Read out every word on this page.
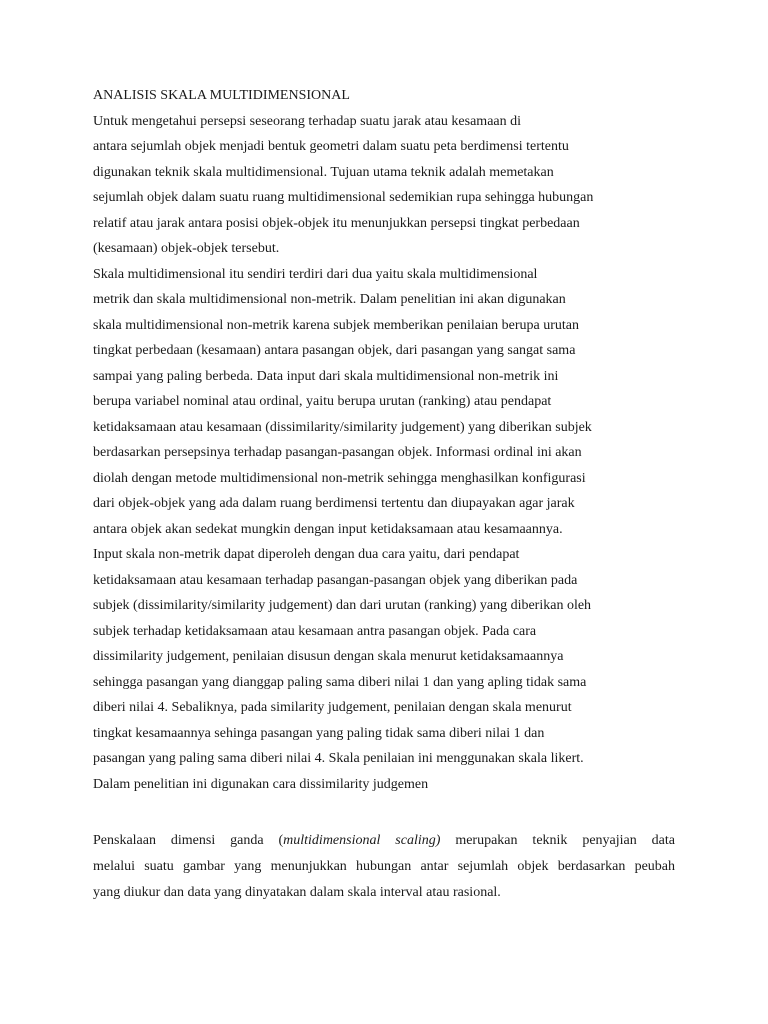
ANALISIS SKALA MULTIDIMENSIONAL
Untuk mengetahui persepsi seseorang terhadap suatu jarak atau kesamaan di
antara sejumlah objek menjadi bentuk geometri dalam suatu peta berdimensi tertentu
digunakan teknik skala multidimensional. Tujuan utama teknik adalah memetakan
sejumlah objek dalam suatu ruang multidimensional sedemikian rupa sehingga hubungan
relatif atau jarak antara posisi objek-objek itu menunjukkan persepsi tingkat perbedaan
(kesamaan) objek-objek tersebut.
Skala multidimensional itu sendiri terdiri dari dua yaitu skala multidimensional
metrik dan skala multidimensional non-metrik. Dalam penelitian ini akan digunakan
skala multidimensional non-metrik karena subjek memberikan penilaian berupa urutan
tingkat perbedaan (kesamaan) antara pasangan objek, dari pasangan yang sangat sama
sampai yang paling berbeda. Data input dari skala multidimensional non-metrik ini
berupa variabel nominal atau ordinal, yaitu berupa urutan (ranking) atau pendapat
ketidaksamaan atau kesamaan (dissimilarity/similarity judgement) yang diberikan subjek
berdasarkan persepsinya terhadap pasangan-pasangan objek. Informasi ordinal ini akan
diolah dengan metode multidimensional non-metrik sehingga menghasilkan konfigurasi
dari objek-objek yang ada dalam ruang berdimensi tertentu dan diupayakan agar jarak
antara objek akan sedekat mungkin dengan input ketidaksamaan atau kesamaannya.
Input skala non-metrik dapat diperoleh dengan dua cara yaitu, dari pendapat
ketidaksamaan atau kesamaan terhadap pasangan-pasangan objek yang diberikan pada
subjek (dissimilarity/similarity judgement) dan dari urutan (ranking) yang diberikan oleh
subjek terhadap ketidaksamaan atau kesamaan antra pasangan objek. Pada cara
dissimilarity judgement, penilaian disusun dengan skala menurut ketidaksamaannya
sehingga pasangan yang dianggap paling sama diberi nilai 1 dan yang apling tidak sama
diberi nilai 4. Sebaliknya, pada similarity judgement, penilaian dengan skala menurut
tingkat kesamaannya sehinga pasangan yang paling tidak sama diberi nilai 1 dan
pasangan yang paling sama diberi nilai 4. Skala penilaian ini menggunakan skala likert.
Dalam penelitian ini digunakan cara dissimilarity judgemen
Penskalaan dimensi ganda (multidimensional scaling) merupakan teknik penyajian data
melalui suatu gambar yang menunjukkan hubungan antar sejumlah objek berdasarkan peubah
yang diukur dan data yang dinyatakan dalam skala interval atau rasional.
